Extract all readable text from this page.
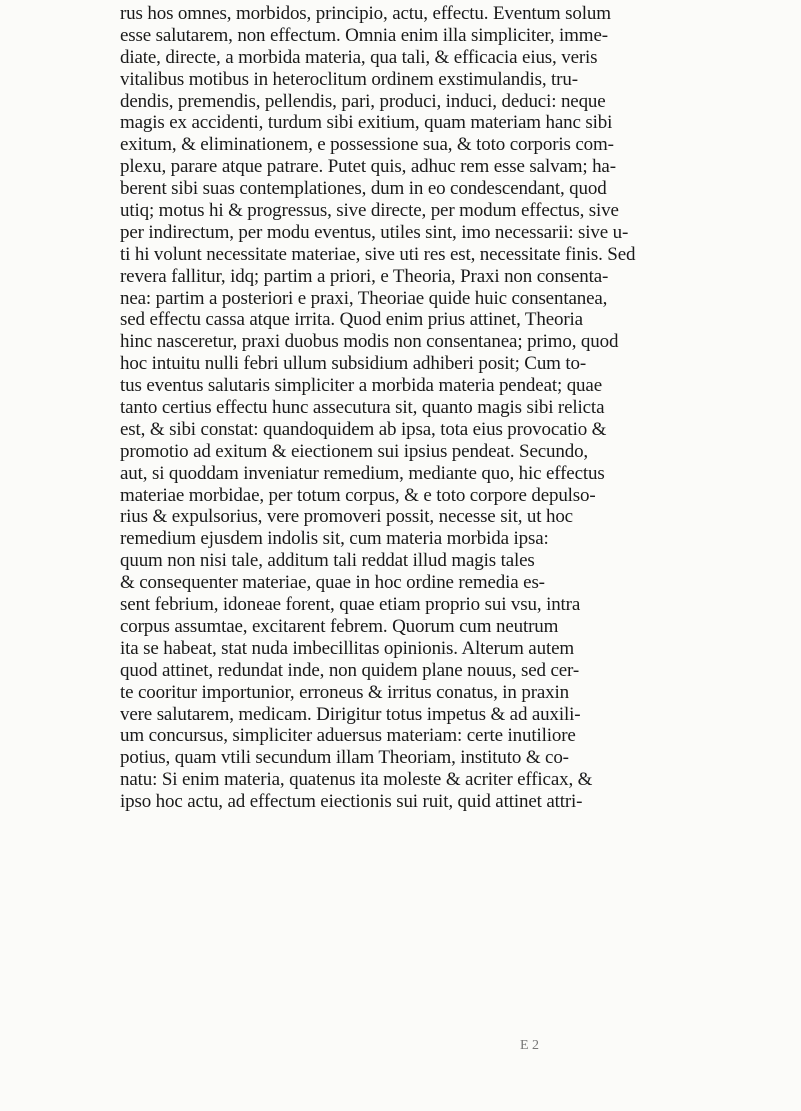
rus hos omnes, morbidos, principio, actu, effectu. Eventum solum
esse salutarem, non effectum. Omnia enim illa simpliciter, imme-
diate, directe, a morbida materia, qua tali, & efficacia eius, veris
vitalibus motibus in heteroclitum ordinem exstimulandis, tru-
dendis, premendis, pellendis, pari, produci, induci, deduci: neque
magis ex accidenti, turdum sibi exitium, quam materiam hanc sibi
exitum, & eliminationem, e possessione sua, & toto corporis com-
plexu, parare atque patrare. Putet quis, adhuc rem esse salvam; ha-
berent sibi suas contemplationes, dum in eo condescendant, quod
utiq; motus hi & progressus, sive directe, per modum effectus, sive
per indirectum, per modu eventus, utiles sint, imo necessarii: sive u-
ti hi volunt necessitate materiae, sive uti res est, necessitate finis. Sed
revera fallitur, idq; partim a priori, e Theoria, Praxi non consenta-
nea: partim a posteriori e praxi, Theoriae quide huic consentanea,
sed effectu cassa atque irrita. Quod enim prius attinet, Theoria
hinc nasceretur, praxi duobus modis non consentanea; primo, quod
hoc intuitu nulli febri ullum subsidium adhiberi posit; Cum to-
tus eventus salutaris simpliciter a morbida materia pendeat; quae
tanto certius effectu hunc assecutura sit, quanto magis sibi relicta
est, & sibi constat: quandoquidem ab ipsa, tota eius provocatio &
promotio ad exitum & eiectionem sui ipsius pendeat. Secundo,
aut, si quoddam inveniatur remedium, mediante quo, hic effectus
materiae morbidae, per totum corpus, & e toto corpore depulso-
rius & expulsorius, vere promoveri possit, necesse sit, ut hoc
remedium ejusdem indolis sit, cum materia morbida ipsa:
quum non nisi tale, additum tali reddat illud magis tales
& consequenter materiae, quae in hoc ordine remedia es-
sent febrium, idoneae forent, quae etiam proprio sui vsu, intra
corpus assumtae, excitarent febrem. Quorum cum neutrum
ita se habeat, stat nuda imbecillitas opinionis. Alterum autem
quod attinet, redundat inde, non quidem plane nouus, sed cer-
te cooritur importunior, erroneus & irritus conatus, in praxin
vere salutarem, medicam. Dirigitur totus impetus & ad auxili-
um concursus, simpliciter aduersus materiam: certe inutiliore
potius, quam vtili secundum illam Theoriam, instituto & co-
natu: Si enim materia, quatenus ita moleste & acriter efficax, &
ipso hoc actu, ad effectum eiectionis sui ruit, quid attinet attri-
E 2
